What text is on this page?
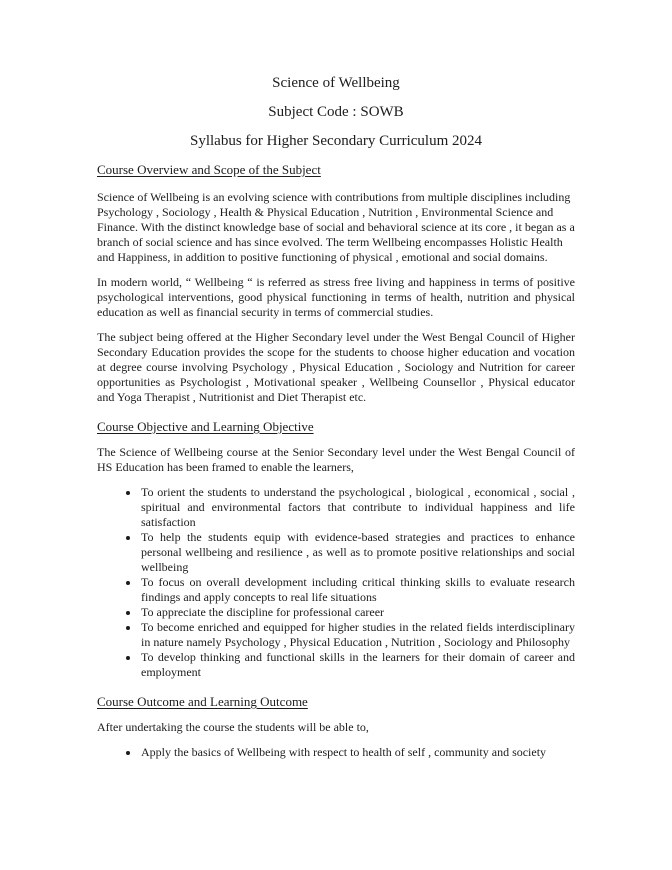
Science of Wellbeing
Subject Code : SOWB
Syllabus for Higher Secondary Curriculum 2024
Course Overview and Scope of the Subject

Science of Wellbeing is an evolving science with contributions from multiple disciplines including Psychology , Sociology , Health & Physical Education , Nutrition , Environmental Science and Finance. With the distinct knowledge base of social and behavioral science at its core , it began as a branch of social science and has since evolved. The term Wellbeing encompasses Holistic Health and Happiness, in addition to positive functioning of physical , emotional and social domains.

In modern world, “ Wellbeing “ is referred as stress free living and happiness in terms of positive psychological interventions, good physical functioning in terms of health, nutrition and physical education as well as financial security in terms of commercial studies.

The subject being offered at the Higher Secondary level under the West Bengal Council of Higher Secondary Education provides the scope for the students to choose higher education and vocation at degree course involving Psychology , Physical Education , Sociology and Nutrition for career opportunities as Psychologist , Motivational speaker , Wellbeing Counsellor , Physical educator and Yoga Therapist , Nutritionist and Diet Therapist etc.

Course Objective and Learning Objective

The Science of Wellbeing course at the Senior Secondary level under the West Bengal Council of HS Education has been framed to enable the learners,

• To orient the students to understand the psychological , biological , economical , social , spiritual and environmental factors that contribute to individual happiness and life satisfaction
• To help the students equip with evidence-based strategies and practices to enhance personal wellbeing and resilience , as well as to promote positive relationships and social wellbeing
• To focus on overall development including critical thinking skills to evaluate research findings and apply concepts to real life situations
• To appreciate the discipline for professional career
• To become enriched and equipped for higher studies in the related fields interdisciplinary in nature namely Psychology , Physical Education , Nutrition , Sociology and Philosophy
• To develop thinking and functional skills in the learners for their domain of career and employment
Course Outcome and Learning Outcome

After undertaking the course the students will be able to,

• Apply the basics of Wellbeing with respect to health of self , community and society
